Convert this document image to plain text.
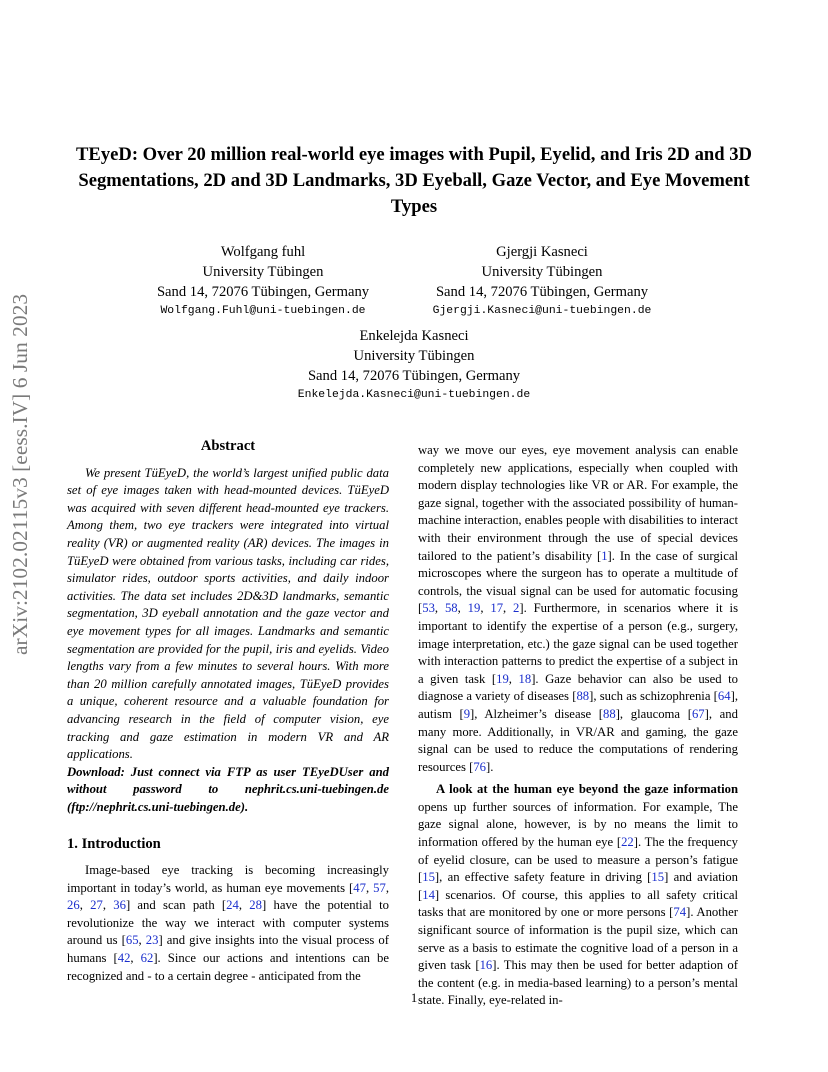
arXiv:2102.02115v3 [eess.IV] 6 Jun 2023
TEyeD: Over 20 million real-world eye images with Pupil, Eyelid, and Iris 2D and 3D Segmentations, 2D and 3D Landmarks, 3D Eyeball, Gaze Vector, and Eye Movement Types
Wolfgang fuhl
University Tübingen
Sand 14, 72076 Tübingen, Germany
Wolfgang.Fuhl@uni-tuebingen.de
Gjergji Kasneci
University Tübingen
Sand 14, 72076 Tübingen, Germany
Gjergji.Kasneci@uni-tuebingen.de
Enkelejda Kasneci
University Tübingen
Sand 14, 72076 Tübingen, Germany
Enkelejda.Kasneci@uni-tuebingen.de
Abstract

We present TüEyeD, the world’s largest unified public data set of eye images taken with head-mounted devices. TüEyeD was acquired with seven different head-mounted eye trackers. Among them, two eye trackers were integrated into virtual reality (VR) or augmented reality (AR) devices. The images in TüEyeD were obtained from various tasks, including car rides, simulator rides, outdoor sports activities, and daily indoor activities. The data set includes 2D&3D landmarks, semantic segmentation, 3D eyeball annotation and the gaze vector and eye movement types for all images. Landmarks and semantic segmentation are provided for the pupil, iris and eyelids. Video lengths vary from a few minutes to several hours. With more than 20 million carefully annotated images, TüEyeD provides a unique, coherent resource and a valuable foundation for advancing research in the field of computer vision, eye tracking and gaze estimation in modern VR and AR applications.

Download: Just connect via FTP as user TEyeDUser and without password to nephrit.cs.uni-tuebingen.de (ftp://nephrit.cs.uni-tuebingen.de).

1. Introduction

Image-based eye tracking is becoming increasingly important in today’s world, as human eye movements [47, 57, 26, 27, 36] and scan path [24, 28] have the potential to revolutionize the way we interact with computer systems around us [65, 23] and give insights into the visual process of humans [42, 62]. Since our actions and intentions can be recognized and - to a certain degree - anticipated from the

way we move our eyes, eye movement analysis can enable completely new applications, especially when coupled with modern display technologies like VR or AR. For example, the gaze signal, together with the associated possibility of human-machine interaction, enables people with disabilities to interact with their environment through the use of special devices tailored to the patient’s disability [1]. In the case of surgical microscopes where the surgeon has to operate a multitude of controls, the visual signal can be used for automatic focusing [53, 58, 19, 17, 2]. Furthermore, in scenarios where it is important to identify the expertise of a person (e.g., surgery, image interpretation, etc.) the gaze signal can be used together with interaction patterns to predict the expertise of a subject in a given task [19, 18]. Gaze behavior can also be used to diagnose a variety of diseases [88], such as schizophrenia [64], autism [9], Alzheimer’s disease [88], glaucoma [67], and many more. Additionally, in VR/AR and gaming, the gaze signal can be used to reduce the computations of rendering resources [76].

A look at the human eye beyond the gaze information opens up further sources of information. For example, The gaze signal alone, however, is by no means the limit to information offered by the human eye [22]. The the frequency of eyelid closure, can be used to measure a person’s fatigue [15], an effective safety feature in driving [15] and aviation [14] scenarios. Of course, this applies to all safety critical tasks that are monitored by one or more persons [74]. Another significant source of information is the pupil size, which can serve as a basis to estimate the cognitive load of a person in a given task [16]. This may then be used for better adaption of the content (e.g. in media-based learning) to a person’s mental state. Finally, eye-related in-

1
